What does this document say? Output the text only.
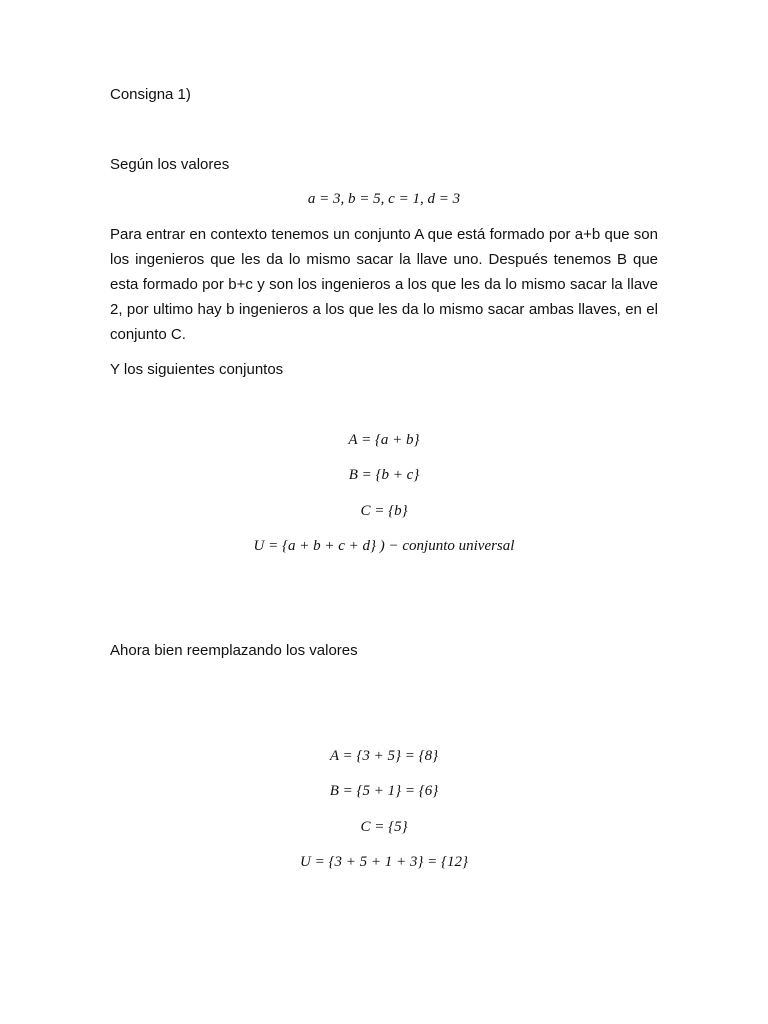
Consigna 1)
Según los valores
a = 3, b = 5, c = 1, d = 3
Para entrar en contexto tenemos un conjunto A que está formado por a+b que son los ingenieros que les da lo mismo sacar la llave uno. Después tenemos B que esta formado por b+c y son los ingenieros a los que les da lo mismo sacar la llave 2, por ultimo hay b ingenieros a los que les da lo mismo sacar ambas llaves, en el conjunto C.
Y los siguientes conjuntos
A = {a + b}
B = {b + c}
C = {b}
U = {a + b + c + d} ) − conjunto universal
Ahora bien reemplazando los valores
A = {3 + 5} = {8}
B = {5 + 1} = {6}
C = {5}
U = {3 + 5 + 1 + 3} = {12}
